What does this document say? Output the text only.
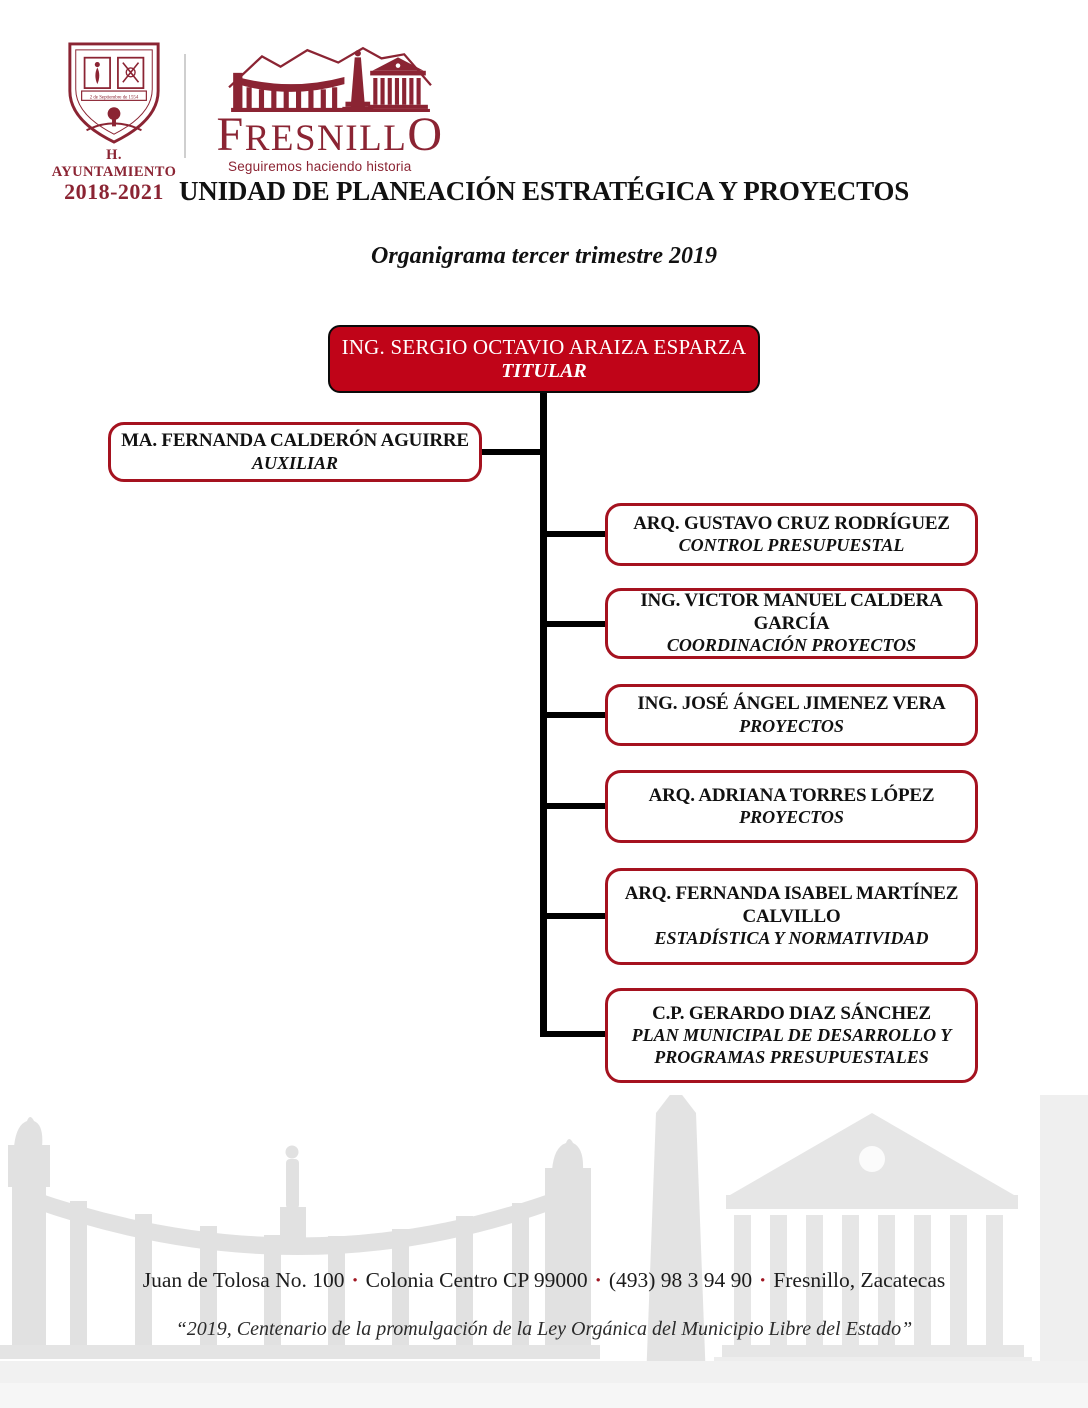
2 de Septiembre de 1554
H. AYUNTAMIENTO
2018-2021
FRESNILLO
Seguiremos haciendo historia
UNIDAD DE PLANEACIÓN ESTRATÉGICA Y PROYECTOS
Organigrama tercer trimestre 2019
ING. SERGIO OCTAVIO ARAIZA ESPARZA
TITULAR
MA. FERNANDA CALDERÓN AGUIRRE
AUXILIAR
ARQ. GUSTAVO CRUZ RODRÍGUEZ
CONTROL PRESUPUESTAL
ING. VICTOR MANUEL CALDERA GARCÍA
COORDINACIÓN PROYECTOS
ING. JOSÉ ÁNGEL JIMENEZ VERA
PROYECTOS
ARQ. ADRIANA TORRES LÓPEZ
PROYECTOS
ARQ. FERNANDA ISABEL MARTÍNEZ CALVILLO
ESTADÍSTICA Y NORMATIVIDAD
C.P. GERARDO DIAZ SÁNCHEZ
PLAN MUNICIPAL DE DESARROLLO Y PROGRAMAS PRESUPUESTALES
Juan de Tolosa No. 100 · Colonia Centro CP 99000 · (493) 98 3 94 90 · Fresnillo, Zacatecas
“2019, Centenario de la promulgación de la Ley Orgánica del Municipio Libre del Estado”
